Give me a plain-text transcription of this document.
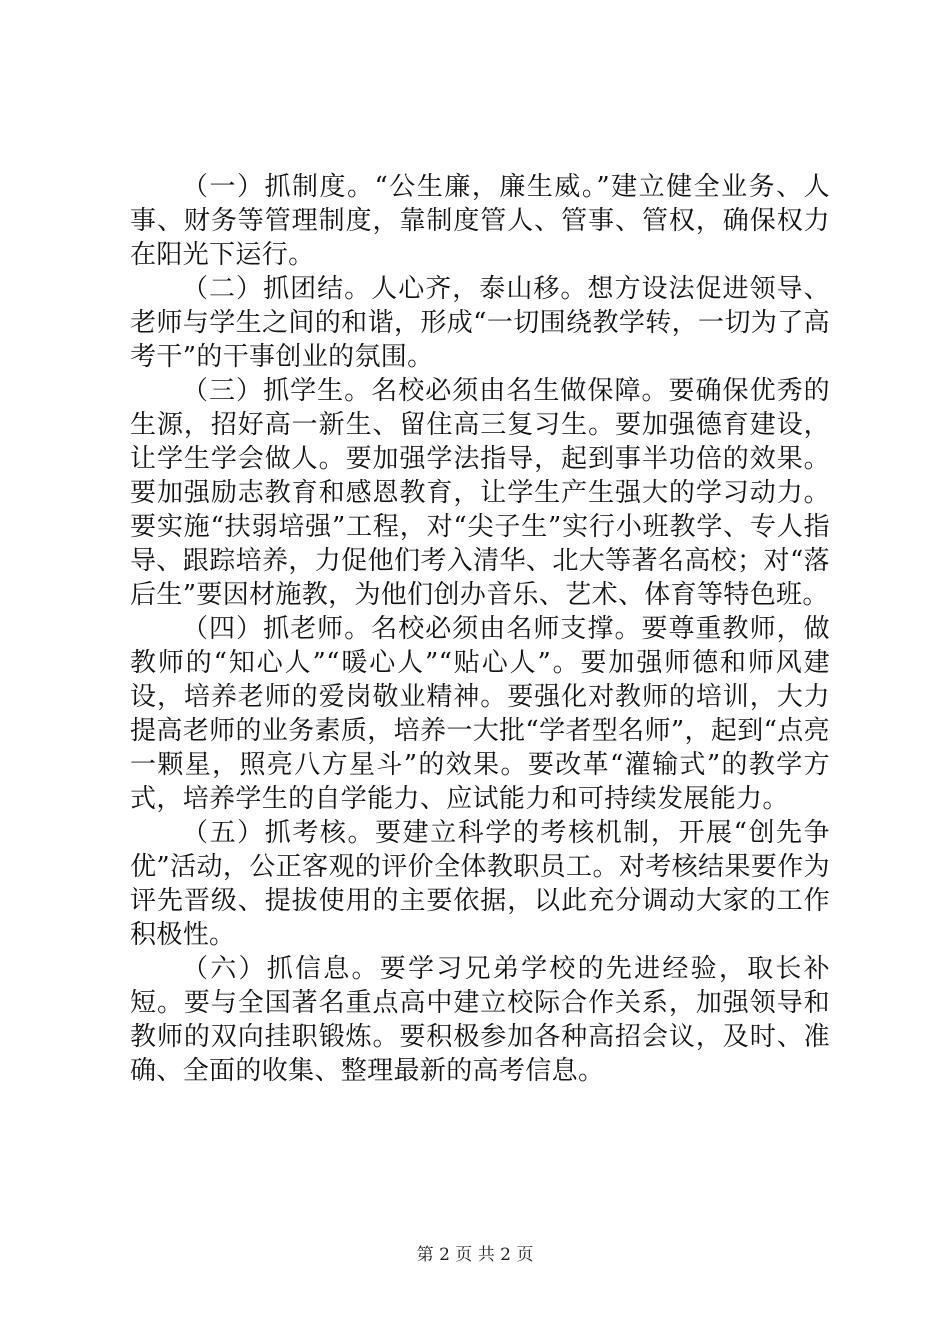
（一）抓制度。“公生廉，廉生威。”建立健全业务、人事、财务等管理制度，靠制度管人、管事、管权，确保权力在阳光下运行。

（二）抓团结。人心齐，泰山移。想方设法促进领导、老师与学生之间的和谐，形成“一切围绕教学转，一切为了高考干”的干事创业的氛围。

（三）抓学生。名校必须由名生做保障。要确保优秀的生源，招好高一新生、留住高三复习生。要加强德育建设，让学生学会做人。要加强学法指导，起到事半功倍的效果。要加强励志教育和感恩教育，让学生产生强大的学习动力。要实施“扶弱培强”工程，对“尖子生”实行小班教学、专人指导、跟踪培养，力促他们考入清华、北大等著名高校；对“落后生”要因材施教，为他们创办音乐、艺术、体育等特色班。

（四）抓老师。名校必须由名师支撑。要尊重教师，做教师的“知心人”“暖心人”“贴心人”。要加强师德和师风建设，培养老师的爱岗敬业精神。要强化对教师的培训，大力提高老师的业务素质，培养一大批“学者型名师”，起到“点亮一颗星，照亮八方星斗”的效果。要改革“灌输式”的教学方式，培养学生的自学能力、应试能力和可持续发展能力。

（五）抓考核。要建立科学的考核机制，开展“创先争优”活动，公正客观的评价全体教职员工。对考核结果要作为评先晋级、提拔使用的主要依据，以此充分调动大家的工作积极性。

（六）抓信息。要学习兄弟学校的先进经验，取长补短。要与全国著名重点高中建立校际合作关系，加强领导和教师的双向挂职锻炼。要积极参加各种高招会议，及时、准确、全面的收集、整理最新的高考信息。

第 2 页 共 2 页
